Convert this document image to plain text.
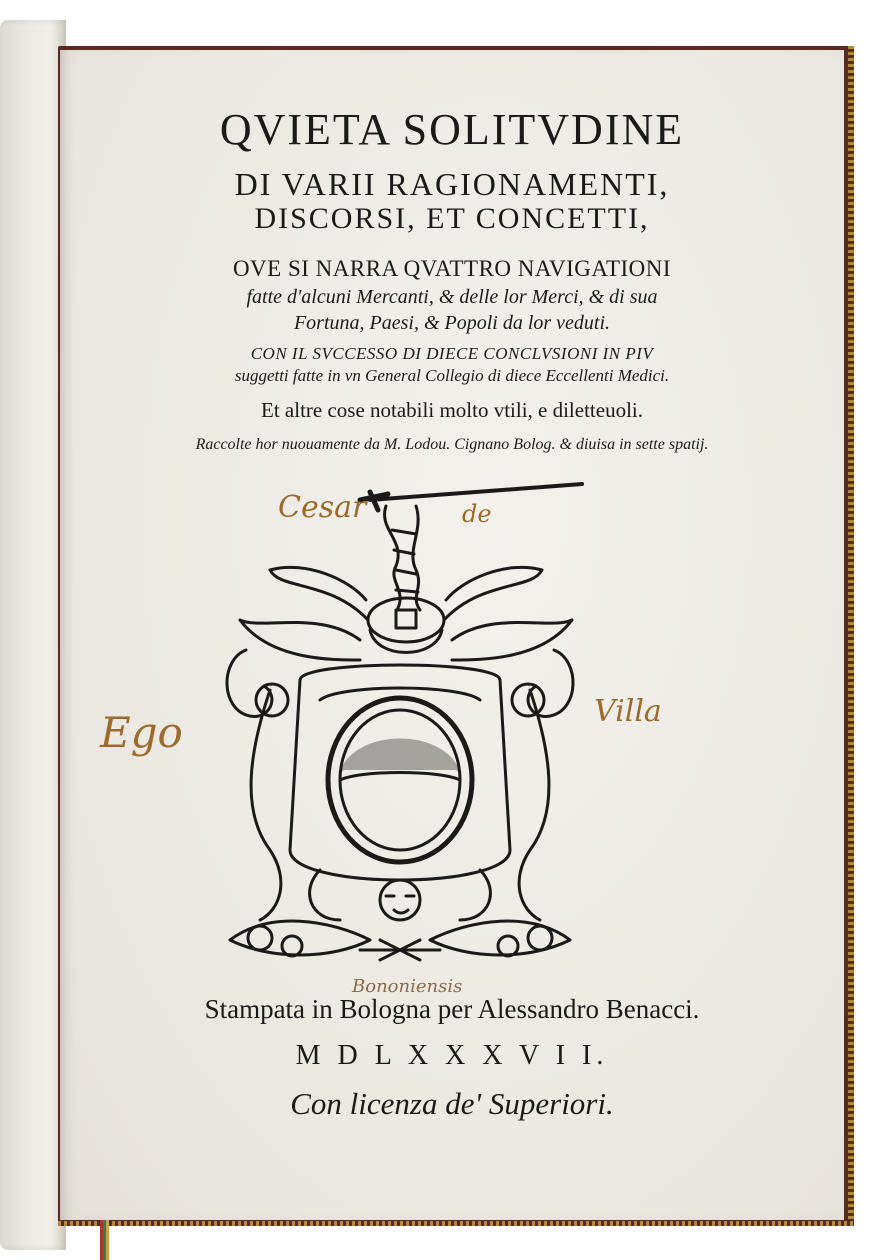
QVIETA SOLITVDINE
DI VARII RAGIONAMENTI,
DISCORSI, ET CONCETTI,
OVE SI NARRA QVATTRO NAVIGATIONI
fatte d'alcuni Mercanti, & delle lor Merci, & di sua
Fortuna, Paesi, & Popoli da lor veduti.
CON IL SVCCESSO DI DIECE CONCLVSIONI IN PIV
suggetti fatte in vn General Collegio di diece Eccellenti Medici.
Et altre cose notabili molto vtili, e diletteuoli.
Raccolte hor nuouamente da M. Lodou. Cignano Bolog. & diuisa in sette spatij.
Stampata in Bologna per Alessandro Benacci.
M D L X X X V I I.
Con licenza de' Superiori.
Cesar	de
Ego	Villa
Bononiensis
